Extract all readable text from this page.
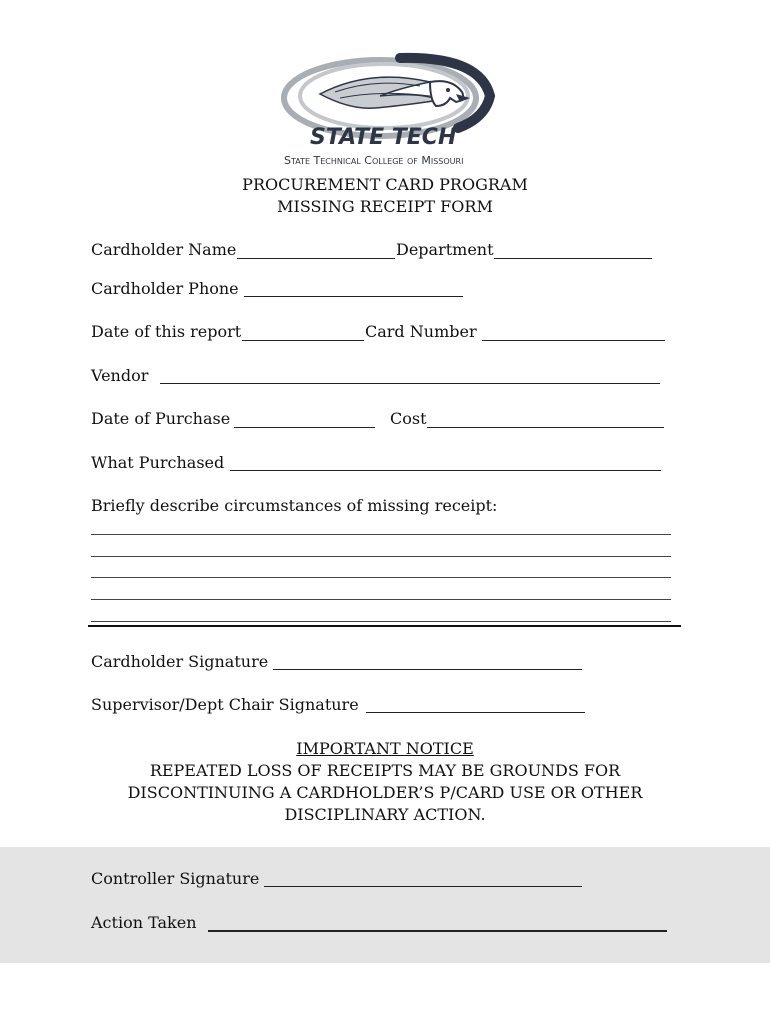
STATE TECH TM
State Technical College of Missouri
PROCUREMENT CARD PROGRAM
MISSING RECEIPT FORM
Cardholder Name	Department
Cardholder Phone
Date of this report	Card Number
Vendor
Date of Purchase	Cost
What Purchased
Briefly describe circumstances of missing receipt:
Cardholder Signature
Supervisor/Dept Chair Signature
IMPORTANT NOTICE
REPEATED LOSS OF RECEIPTS MAY BE GROUNDS FOR
DISCONTINUING A CARDHOLDER’S P/CARD USE OR OTHER
DISCIPLINARY ACTION.
Controller Signature
Action Taken
